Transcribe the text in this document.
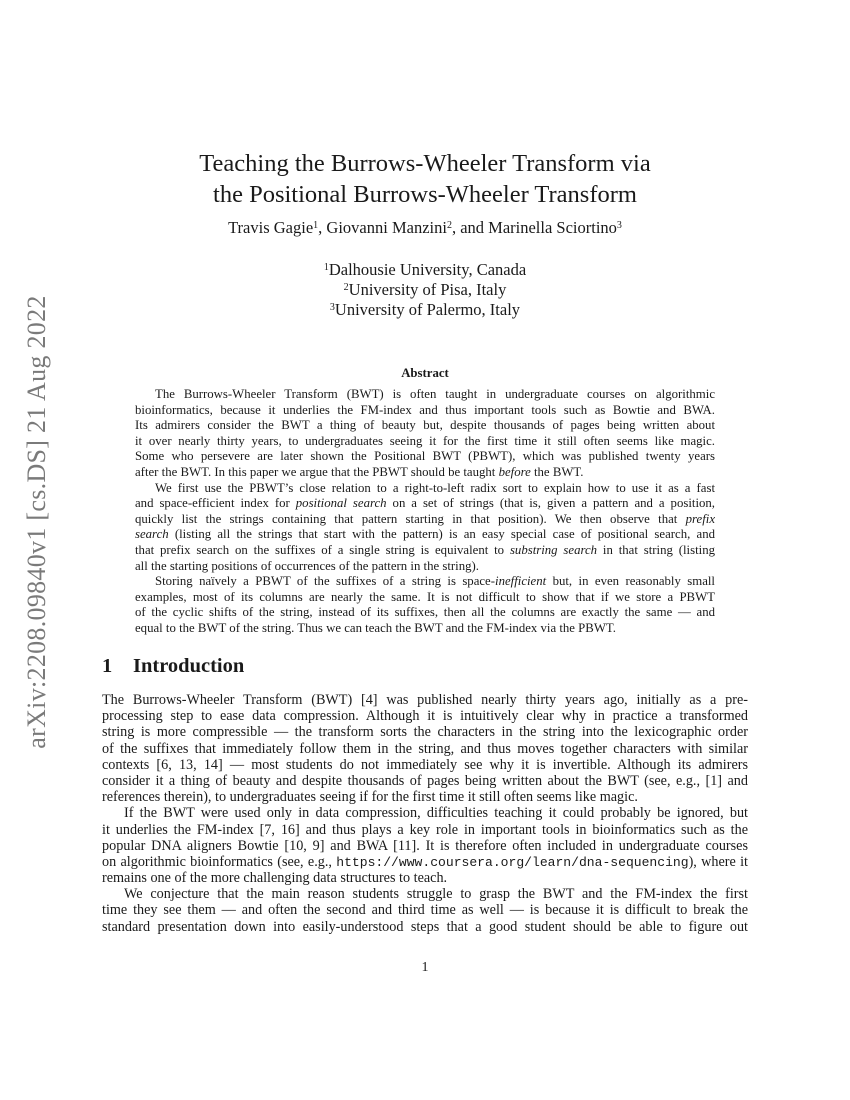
arXiv:2208.09840v1 [cs.DS] 21 Aug 2022
Teaching the Burrows-Wheeler Transform via
the Positional Burrows-Wheeler Transform
Travis Gagie$^1$, Giovanni Manzini$^2$, and Marinella Sciortino$^3$
$^1$Dalhousie University, Canada
$^2$University of Pisa, Italy
$^3$University of Palermo, Italy
Abstract
The Burrows-Wheeler Transform (BWT) is often taught in undergraduate courses on algorithmic
bioinformatics, because it underlies the FM-index and thus important tools such as Bowtie and BWA.
Its admirers consider the BWT a thing of beauty but, despite thousands of pages being written about
it over nearly thirty years, to undergraduates seeing it for the first time it still often seems like magic.
Some who persevere are later shown the Positional BWT (PBWT), which was published twenty years
after the BWT. In this paper we argue that the PBWT should be taught before the BWT.
We first use the PBWT’s close relation to a right-to-left radix sort to explain how to use it as a fast
and space-efficient index for positional search on a set of strings (that is, given a pattern and a position,
quickly list the strings containing that pattern starting in that position). We then observe that prefix
search (listing all the strings that start with the pattern) is an easy special case of positional search, and
that prefix search on the suffixes of a single string is equivalent to substring search in that string (listing
all the starting positions of occurrences of the pattern in the string).
Storing naïvely a PBWT of the suffixes of a string is space-inefficient but, in even reasonably small
examples, most of its columns are nearly the same. It is not difficult to show that if we store a PBWT
of the cyclic shifts of the string, instead of its suffixes, then all the columns are exactly the same — and
equal to the BWT of the string. Thus we can teach the BWT and the FM-index via the PBWT.
1 Introduction
The Burrows-Wheeler Transform (BWT) [4] was published nearly thirty years ago, initially as a pre-
processing step to ease data compression. Although it is intuitively clear why in practice a transformed
string is more compressible — the transform sorts the characters in the string into the lexicographic order
of the suffixes that immediately follow them in the string, and thus moves together characters with similar
contexts [6, 13, 14] — most students do not immediately see why it is invertible. Although its admirers
consider it a thing of beauty and despite thousands of pages being written about the BWT (see, e.g., [1] and
references therein), to undergraduates seeing if for the first time it still often seems like magic.
If the BWT were used only in data compression, difficulties teaching it could probably be ignored, but
it underlies the FM-index [7, 16] and thus plays a key role in important tools in bioinformatics such as the
popular DNA aligners Bowtie [10, 9] and BWA [11]. It is therefore often included in undergraduate courses
on algorithmic bioinformatics (see, e.g., https://www.coursera.org/learn/dna-sequencing), where it
remains one of the more challenging data structures to teach.
We conjecture that the main reason students struggle to grasp the BWT and the FM-index the first
time they see them — and often the second and third time as well — is because it is difficult to break the
standard presentation down into easily-understood steps that a good student should be able to figure out
1
